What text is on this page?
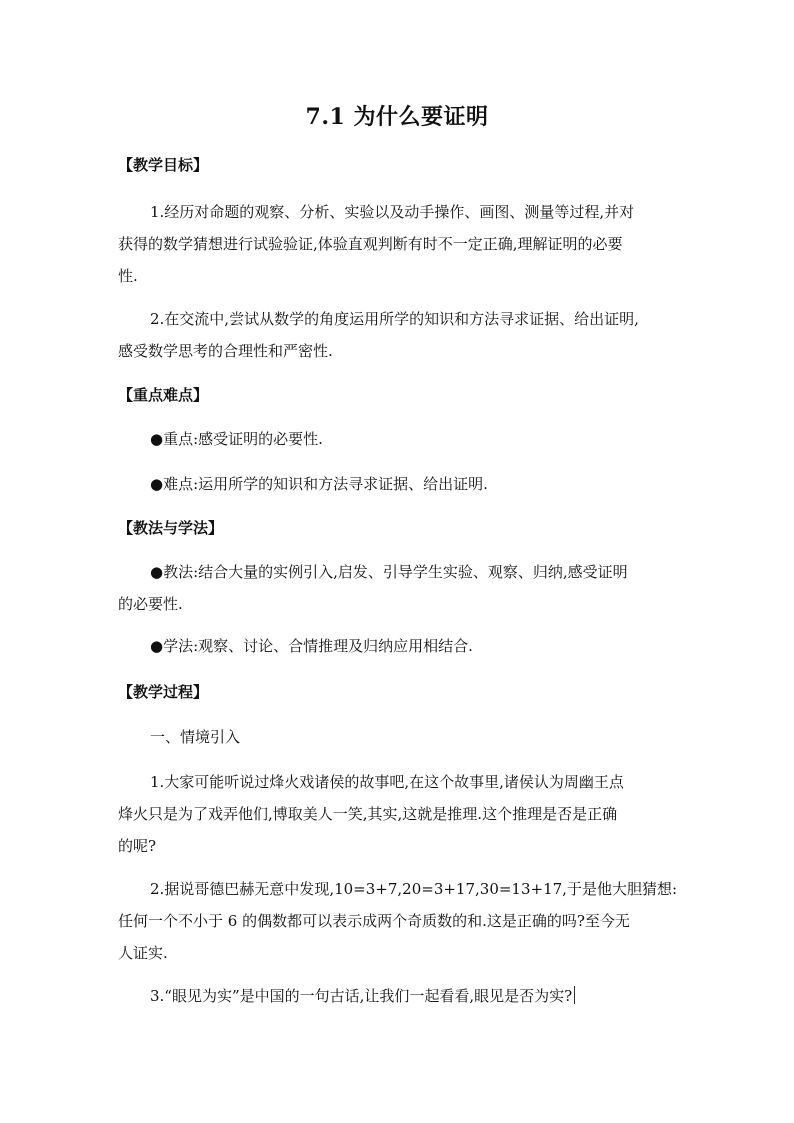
7.1 为什么要证明
【教学目标】
1.经历对命题的观察、分析、实验以及动手操作、画图、测量等过程,并对
获得的数学猜想进行试验验证,体验直观判断有时不一定正确,理解证明的必要
性.
2.在交流中,尝试从数学的角度运用所学的知识和方法寻求证据、给出证明,
感受数学思考的合理性和严密性.
【重点难点】
●重点:感受证明的必要性.
●难点:运用所学的知识和方法寻求证据、给出证明.
【教法与学法】
●教法:结合大量的实例引入,启发、引导学生实验、观察、归纳,感受证明
的必要性.
●学法:观察、讨论、合情推理及归纳应用相结合.
【教学过程】
一、情境引入
1.大家可能听说过烽火戏诸侯的故事吧,在这个故事里,诸侯认为周幽王点
烽火只是为了戏弄他们,博取美人一笑,其实,这就是推理.这个推理是否是正确
的呢?
2.据说哥德巴赫无意中发现,10=3+7,20=3+17,30=13+17,于是他大胆猜想:
任何一个不小于 6 的偶数都可以表示成两个奇质数的和.这是正确的吗?至今无
人证实.
3.“眼见为实”是中国的一句古话,让我们一起看看,眼见是否为实?
